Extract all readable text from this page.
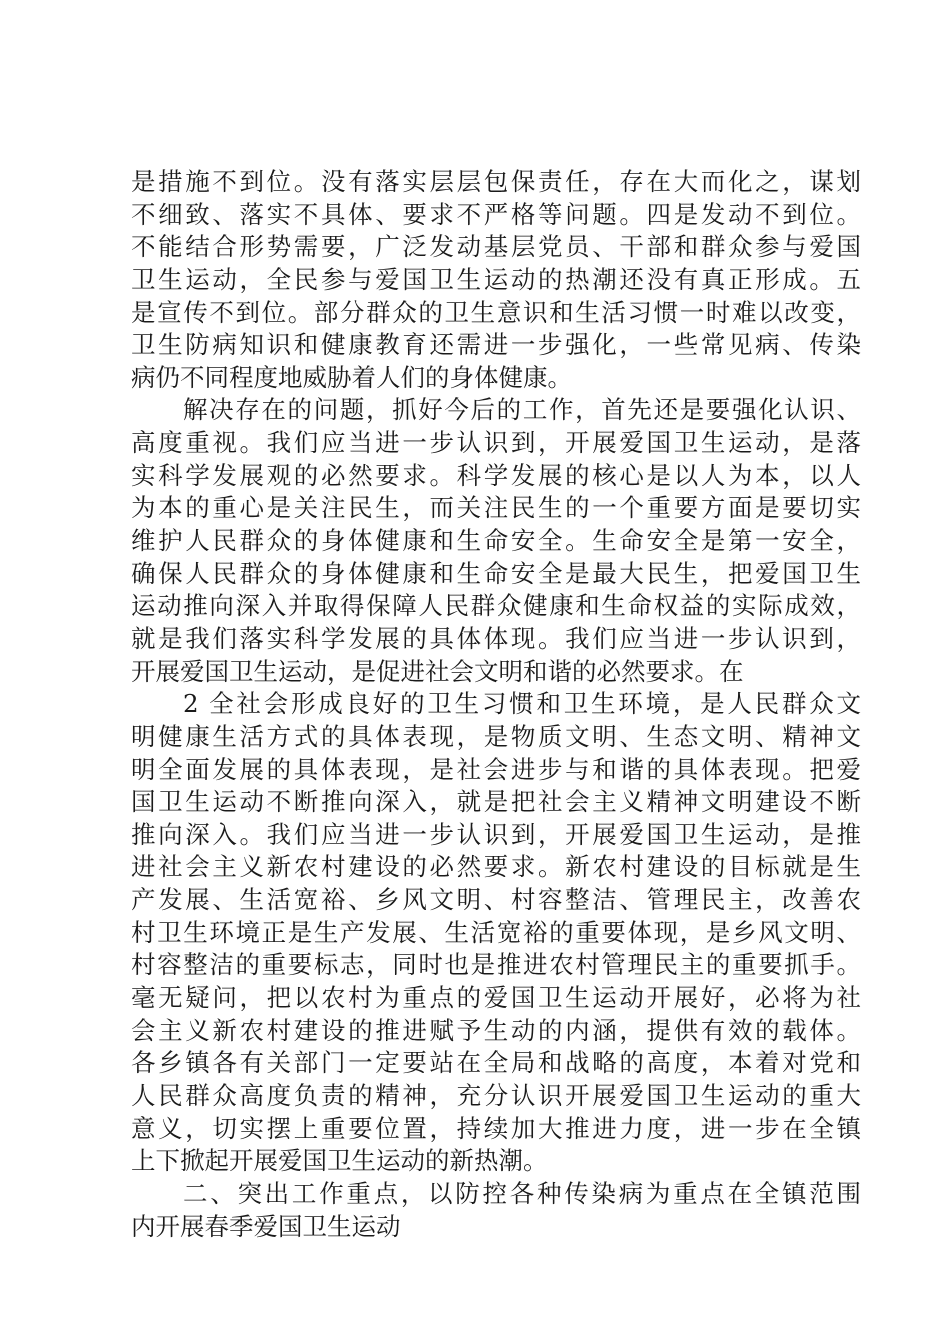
是措施不到位。没有落实层层包保责任，存在大而化之，谋划
不细致、落实不具体、要求不严格等问题。四是发动不到位。
不能结合形势需要，广泛发动基层党员、干部和群众参与爱国
卫生运动，全民参与爱国卫生运动的热潮还没有真正形成。五
是宣传不到位。部分群众的卫生意识和生活习惯一时难以改变，
卫生防病知识和健康教育还需进一步强化，一些常见病、传染
病仍不同程度地威胁着人们的身体健康。
解决存在的问题，抓好今后的工作，首先还是要强化认识、
高度重视。我们应当进一步认识到，开展爱国卫生运动，是落
实科学发展观的必然要求。科学发展的核心是以人为本，以人
为本的重心是关注民生，而关注民生的一个重要方面是要切实
维护人民群众的身体健康和生命安全。生命安全是第一安全，
确保人民群众的身体健康和生命安全是最大民生，把爱国卫生
运动推向深入并取得保障人民群众健康和生命权益的实际成效，
就是我们落实科学发展的具体体现。我们应当进一步认识到，
开展爱国卫生运动，是促进社会文明和谐的必然要求。在
2 全社会形成良好的卫生习惯和卫生环境，是人民群众文
明健康生活方式的具体表现，是物质文明、生态文明、精神文
明全面发展的具体表现，是社会进步与和谐的具体表现。把爱
国卫生运动不断推向深入，就是把社会主义精神文明建设不断
推向深入。我们应当进一步认识到，开展爱国卫生运动，是推
进社会主义新农村建设的必然要求。新农村建设的目标就是生
产发展、生活宽裕、乡风文明、村容整洁、管理民主，改善农
村卫生环境正是生产发展、生活宽裕的重要体现，是乡风文明、
村容整洁的重要标志，同时也是推进农村管理民主的重要抓手。
毫无疑问，把以农村为重点的爱国卫生运动开展好，必将为社
会主义新农村建设的推进赋予生动的内涵，提供有效的载体。
各乡镇各有关部门一定要站在全局和战略的高度，本着对党和
人民群众高度负责的精神，充分认识开展爱国卫生运动的重大
意义，切实摆上重要位置，持续加大推进力度，进一步在全镇
上下掀起开展爱国卫生运动的新热潮。
二、突出工作重点，以防控各种传染病为重点在全镇范围
内开展春季爱国卫生运动
